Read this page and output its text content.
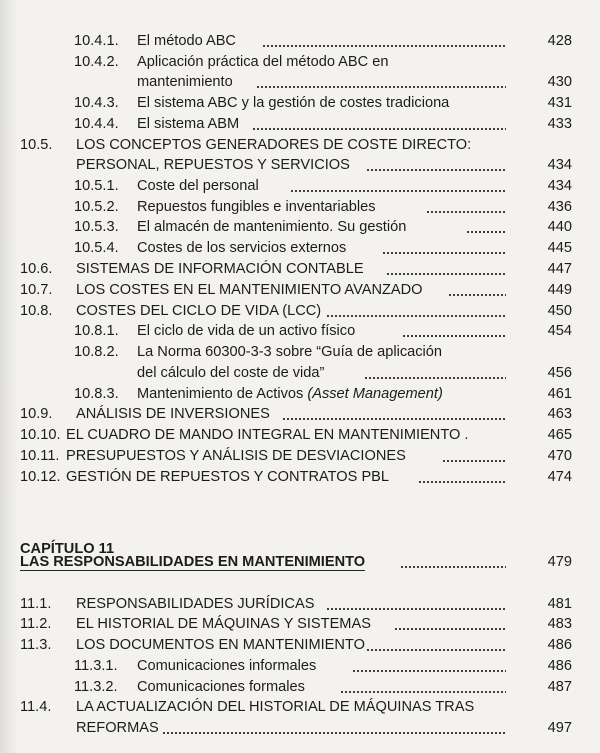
10.4.1. El método ABC	428
10.4.2. Aplicación práctica del método ABC en
mantenimiento	430
10.4.3. El sistema ABC y la gestión de costes tradiciona	431
10.4.4. El sistema ABM	433
10.5. LOS CONCEPTOS GENERADORES DE COSTE DIRECTO:
PERSONAL, REPUESTOS Y SERVICIOS	434
10.5.1. Coste del personal	434
10.5.2. Repuestos fungibles e inventariables	436
10.5.3. El almacén de mantenimiento. Su gestión	440
10.5.4. Costes de los servicios externos	445
10.6. SISTEMAS DE INFORMACIÓN CONTABLE	447
10.7. LOS COSTES EN EL MANTENIMIENTO AVANZADO	449
10.8. COSTES DEL CICLO DE VIDA (LCC)	450
10.8.1. El ciclo de vida de un activo físico	454
10.8.2. La Norma 60300-3-3 sobre “Guía de aplicación
del cálculo del coste de vida”	456
10.8.3. Mantenimiento de Activos (Asset Management)	461
10.9. ANÁLISIS DE INVERSIONES	463
10.10. EL CUADRO DE MANDO INTEGRAL EN MANTENIMIENTO .	465
10.11. PRESUPUESTOS Y ANÁLISIS DE DESVIACIONES	470
10.12. GESTIÓN DE REPUESTOS Y CONTRATOS PBL	474
CAPÍTULO 11
LAS RESPONSABILIDADES EN MANTENIMIENTO	479
11.1. RESPONSABILIDADES JURÍDICAS	481
11.2. EL HISTORIAL DE MÁQUINAS Y SISTEMAS	483
11.3. LOS DOCUMENTOS EN MANTENIMIENTO	486
11.3.1. Comunicaciones informales	486
11.3.2. Comunicaciones formales	487
11.4. LA ACTUALIZACIÓN DEL HISTORIAL DE MÁQUINAS TRAS
REFORMAS	497
